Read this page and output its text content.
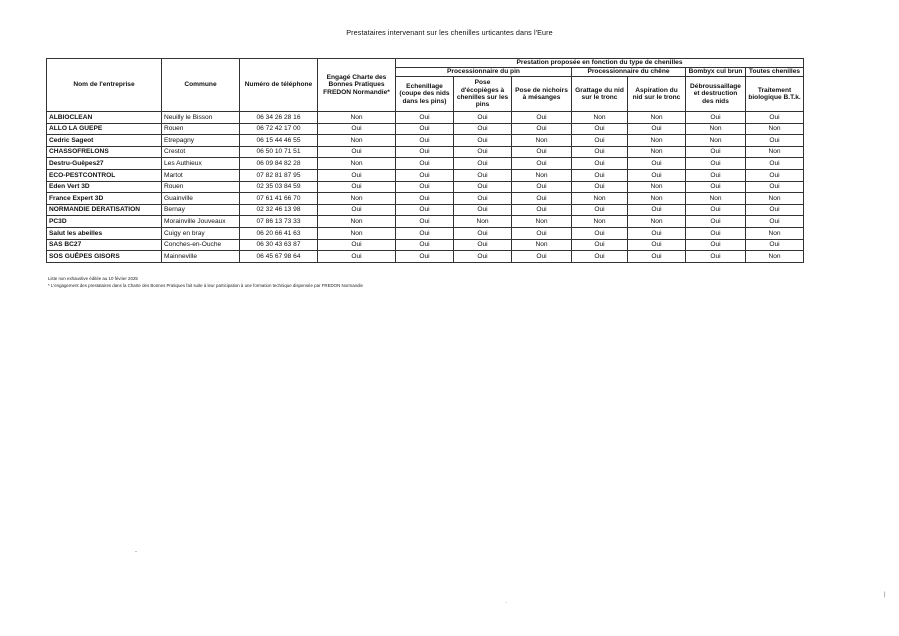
Prestataires intervenant sur les chenilles urticantes dans l'Eure
Nom de l'entreprise	Commune	Numéro de téléphone	Engagé Charte des Bonnes Pratiques FREDON Normandie*	Prestation proposée en fonction du type de chenilles						
				Processionnaire du pin			Processionnaire du chêne		Bombyx cul brun	Toutes chenilles
				Echenillage (coupe des nids dans les pins)	Pose d'écopièges à chenilles sur les pins	Pose de nichoirs à mésanges	Grattage du nid sur le tronc	Aspiration du nid sur le tronc	Débroussaillage et destruction des nids	Traitement biologique B.T.k.
ALBIOCLEAN	Neuilly le Bisson	06 34 26 28 16	Non	Oui	Oui	Oui	Non	Non	Oui	Oui
ALLO LA GUEPE	Rouen	06 72 42 17 00	Oui	Oui	Oui	Oui	Oui	Oui	Non	Non
Cedric Sageot	Etrepagny	06 15 44 46 55	Non	Oui	Oui	Non	Oui	Non	Non	Oui
CHASSOFRELONS	Crestot	06 50 10 71 51	Oui	Oui	Oui	Oui	Oui	Non	Oui	Non
Destru-Guêpes27	Les Authieux	06 09 84 82 28	Non	Oui	Oui	Oui	Oui	Oui	Oui	Oui
ECO-PESTCONTROL	Martot	07 82 81 87 95	Oui	Oui	Oui	Non	Oui	Oui	Oui	Oui
Eden Vert 3D	Rouen	02 35 03 84 59	Oui	Oui	Oui	Oui	Oui	Non	Oui	Oui
France Expert 3D	Guainville	07 61 41 66 70	Non	Oui	Oui	Oui	Non	Non	Non	Non
NORMANDIE DERATISATION	Bernay	02 32 46 13 98	Oui	Oui	Oui	Oui	Oui	Oui	Oui	Oui
PC3D	Morainville Jouveaux	07 86 13 73 33	Non	Oui	Non	Non	Non	Non	Oui	Oui
Salut les abeilles	Cuigy en bray	06 20 66 41 63	Non	Oui	Oui	Oui	Oui	Oui	Oui	Non
SAS BC27	Conches-en-Ouche	06 30 43 63 87	Oui	Oui	Oui	Non	Oui	Oui	Oui	Oui
SOS GUÊPES GISORS	Mainneville	06 45 67 98 64	Oui	Oui	Oui	Oui	Oui	Oui	Oui	Non
Liste non exhaustive éditée au 10 février 2025
* L'engagement des prestataires dans la Charte des Bonnes Pratiques fait suite à leur participation à une formation technique dispensée par FREDON Normandie
-
·
|
